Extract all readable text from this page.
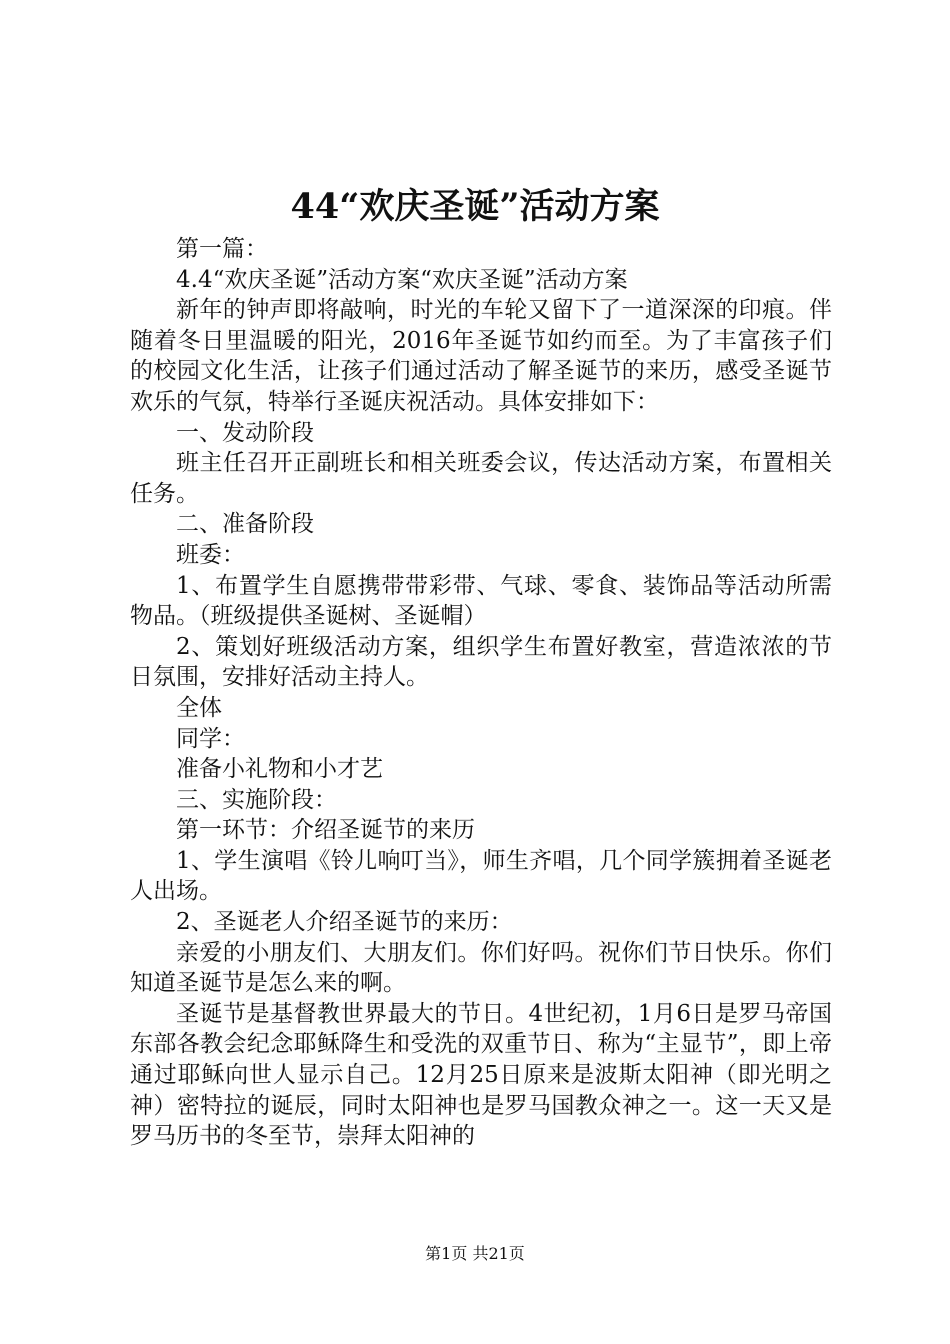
44“欢庆圣诞”活动方案

第一篇：

4.4“欢庆圣诞”活动方案“欢庆圣诞”活动方案

新年的钟声即将敲响，时光的车轮又留下了一道深深的印痕。伴随着冬日里温暖的阳光，2016年圣诞节如约而至。为了丰富孩子们的校园文化生活，让孩子们通过活动了解圣诞节的来历，感受圣诞节欢乐的气氛，特举行圣诞庆祝活动。具体安排如下：

一、发动阶段

班主任召开正副班长和相关班委会议，传达活动方案，布置相关任务。

二、准备阶段

班委：

1、布置学生自愿携带带彩带、气球、零食、装饰品等活动所需物品。（班级提供圣诞树、圣诞帽）

2、策划好班级活动方案，组织学生布置好教室，营造浓浓的节日氛围，安排好活动主持人。

全体

同学：

准备小礼物和小才艺

三、实施阶段：

第一环节：介绍圣诞节的来历

1、学生演唱《铃儿响叮当》，师生齐唱，几个同学簇拥着圣诞老人出场。

2、圣诞老人介绍圣诞节的来历：

亲爱的小朋友们、大朋友们。你们好吗。祝你们节日快乐。你们知道圣诞节是怎么来的啊。

圣诞节是基督教世界最大的节日。4世纪初，1月6日是罗马帝国东部各教会纪念耶稣降生和受洗的双重节日、称为“主显节”，即上帝通过耶稣向世人显示自己。12月25日原来是波斯太阳神（即光明之神）密特拉的诞辰，同时太阳神也是罗马国教众神之一。这一天又是罗马历书的冬至节，崇拜太阳神的

第1页 共21页
